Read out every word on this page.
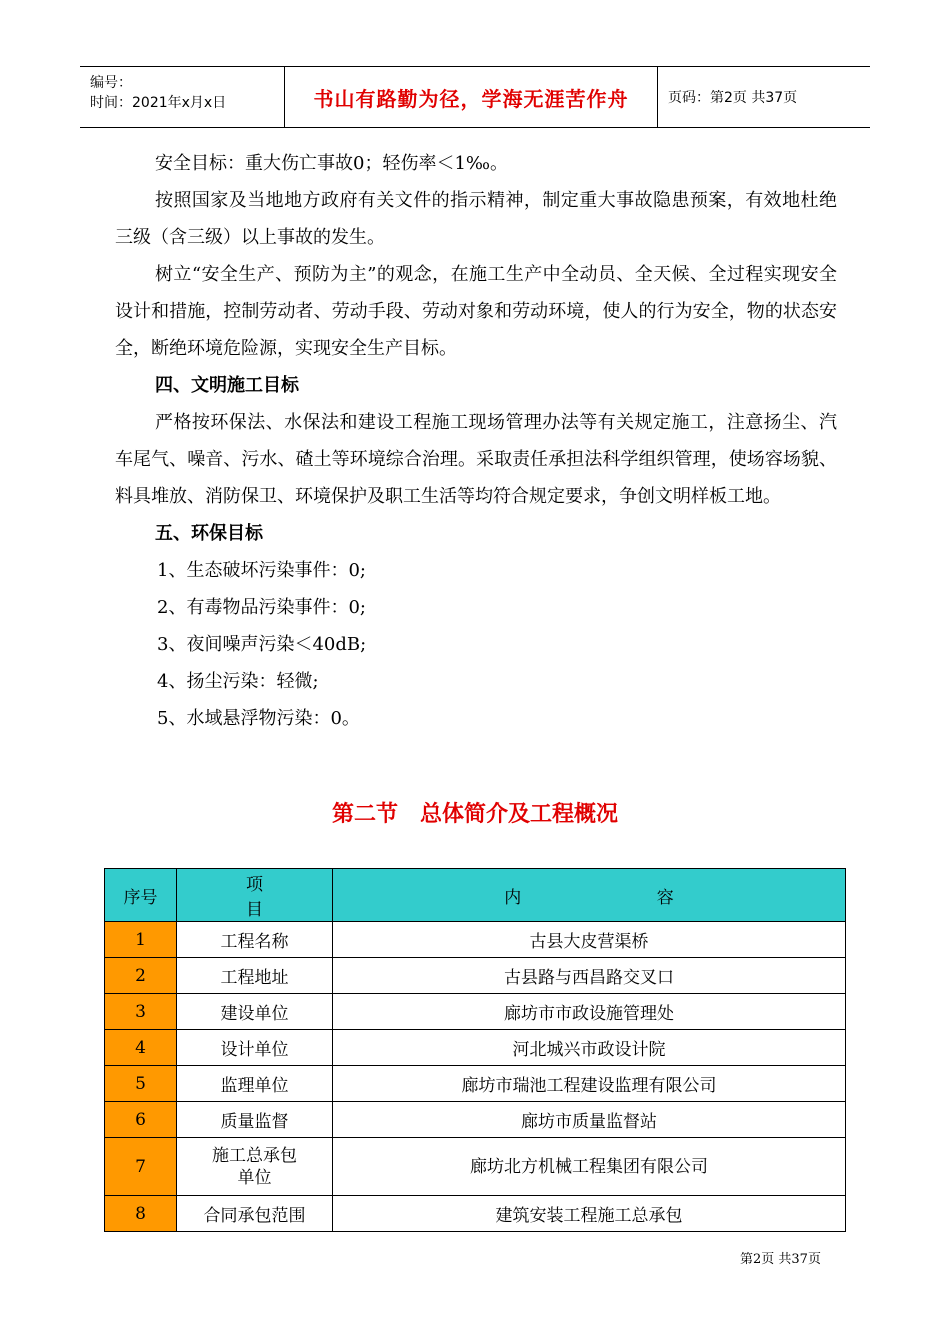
编号：
时间：2021年x月x日	书山有路勤为径，学海无涯苦作舟	页码：第2页 共37页

安全目标：重大伤亡事故0；轻伤率＜1‰。

按照国家及当地地方政府有关文件的指示精神，制定重大事故隐患预案，有效地杜绝三级（含三级）以上事故的发生。

树立“安全生产、预防为主”的观念，在施工生产中全动员、全天候、全过程实现安全设计和措施，控制劳动者、劳动手段、劳动对象和劳动环境，使人的行为安全，物的状态安全，断绝环境危险源，实现安全生产目标。

四、文明施工目标

严格按环保法、水保法和建设工程施工现场管理办法等有关规定施工，注意扬尘、汽车尾气、噪音、污水、碴土等环境综合治理。采取责任承担法科学组织管理，使场容场貌、料具堆放、消防保卫、环境保护及职工生活等均符合规定要求，争创文明样板工地。

五、环保目标
1、生态破坏污染事件：0;
2、有毒物品污染事件：0;
3、夜间噪声污染＜40dB;
4、扬尘污染：轻微;
5、水域悬浮物污染：0。
第二节　总体简介及工程概况
序号	项 目	内 容
1	工程名称	古县大皮营渠桥
2	工程地址	古县路与西昌路交叉口
3	建设单位	廊坊市市政设施管理处
4	设计单位	河北城兴市政设计院
5	监理单位	廊坊市瑞池工程建设监理有限公司
6	质量监督	廊坊市质量监督站
7	施工总承包
单位	廊坊北方机械工程集团有限公司
8	合同承包范围	建筑安装工程施工总承包
第2页 共37页
